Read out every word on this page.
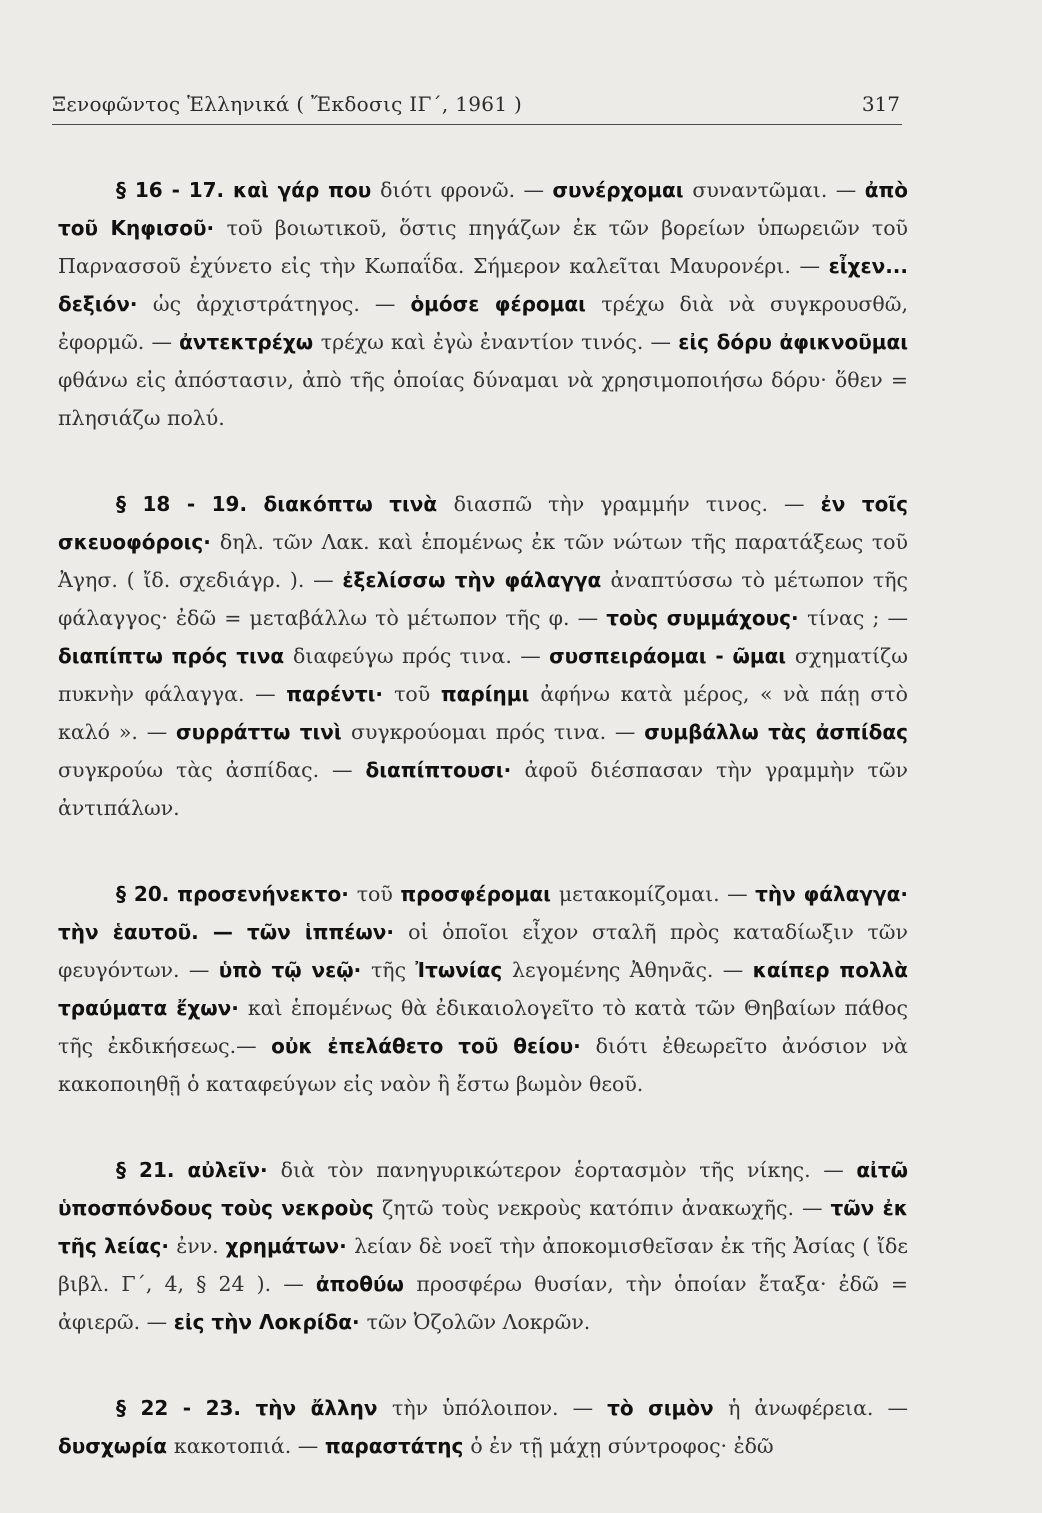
Ξενοφῶντος Ἑλληνικά ( Ἔκδοσις ΙΓ΄, 1961 )	317

§ 16 - 17. καὶ γάρ που διότι φρονῶ. — συνέρχομαι συναντῶμαι. — ἀπὸ τοῦ Κηφισοῦ· τοῦ βοιωτικοῦ, ὅστις πηγάζων ἐκ τῶν βορείων ὑπωρειῶν τοῦ Παρνασσοῦ ἐχύνετο εἰς τὴν Κωπαΐδα. Σήμερον καλεῖται Μαυρονέρι. — εἶχεν... δεξιόν· ὡς ἀρχιστράτηγος. — ὁμόσε φέρομαι τρέχω διὰ νὰ συγκρουσθῶ, ἐφορμῶ. — ἀντεκτρέχω τρέχω καὶ ἐγὼ ἐναντίον τινός. — εἰς δόρυ ἀφικνοῦμαι φθάνω εἰς ἀπόστασιν, ἀπὸ τῆς ὁποίας δύναμαι νὰ χρησιμοποιήσω δόρυ· ὅθεν = πλησιάζω πολύ.

§ 18 - 19. διακόπτω τινὰ διασπῶ τὴν γραμμήν τινος. — ἐν τοῖς σκευοφόροις· δηλ. τῶν Λακ. καὶ ἑπομένως ἐκ τῶν νώτων τῆς παρατάξεως τοῦ Ἀγησ. ( ἴδ. σχεδιάγρ. ). — ἐξελίσσω τὴν φάλαγγα ἀναπτύσσω τὸ μέτωπον τῆς φάλαγγος· ἐδῶ = μεταβάλλω τὸ μέτωπον τῆς φ. — τοὺς συμμάχους· τίνας ; — διαπίπτω πρός τινα διαφεύγω πρός τινα. — συσπειράομαι - ῶμαι σχηματίζω πυκνὴν φάλαγγα. — παρέντι· τοῦ παρίημι ἀφήνω κατὰ μέρος, « νὰ πάῃ στὸ καλό ». — συρράττω τινὶ συγκρούομαι πρός τινα. — συμβάλλω τὰς ἀσπίδας συγκρούω τὰς ἀσπίδας. — διαπίπτουσι· ἀφοῦ διέσπασαν τὴν γραμμὴν τῶν ἀντιπάλων.

§ 20. προσενήνεκτο· τοῦ προσφέρομαι μετακομίζομαι. — τὴν φάλαγγα· τὴν ἑαυτοῦ. — τῶν ἱππέων· οἱ ὁποῖοι εἶχον σταλῆ πρὸς καταδίωξιν τῶν φευγόντων. — ὑπὸ τῷ νεῷ· τῆς Ἰτωνίας λεγομένης Ἀθηνᾶς. — καίπερ πολλὰ τραύματα ἔχων· καὶ ἑπομένως θὰ ἐδικαιολογεῖτο τὸ κατὰ τῶν Θηβαίων πάθος τῆς ἐκδικήσεως.— οὐκ ἐπελάθετο τοῦ θείου· διότι ἐθεωρεῖτο ἀνόσιον νὰ κακοποιηθῇ ὁ καταφεύγων εἰς ναὸν ἢ ἔστω βωμὸν θεοῦ.

§ 21. αὐλεῖν· διὰ τὸν πανηγυρικώτερον ἑορτασμὸν τῆς νίκης. — αἰτῶ ὑποσπόνδους τοὺς νεκροὺς ζητῶ τοὺς νεκροὺς κατόπιν ἀνακωχῆς. — τῶν ἐκ τῆς λείας· ἐνν. χρημάτων· λείαν δὲ νοεῖ τὴν ἀποκομισθεῖσαν ἐκ τῆς Ἀσίας ( ἴδε βιβλ. Γ΄, 4, § 24 ). — ἀποθύω προσφέρω θυσίαν, τὴν ὁποίαν ἔταξα· ἐδῶ = ἀφιερῶ. — εἰς τὴν Λοκρίδα· τῶν Ὀζολῶν Λοκρῶν.

§ 22 - 23. τὴν ἄλλην τὴν ὑπόλοιπον. — τὸ σιμὸν ἡ ἀνωφέρεια. — δυσχωρία κακοτοπιά. — παραστάτης ὁ ἐν τῇ μάχῃ σύντροφος· ἐδῶ
